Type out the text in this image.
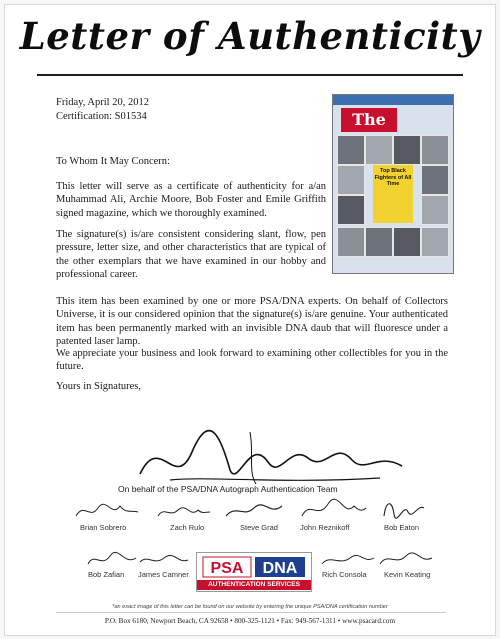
Letter of Authenticity
Friday, April 20, 2012
Certification: S01534	The
Top Black Fighters of All Time
To Whom It May Concern:

This letter will serve as a certificate of authenticity for a/an Muhammad Ali, Archie Moore, Bob Foster and Emile Griffith signed magazine, which we thoroughly examined.

The signature(s) is/are consistent considering slant, flow, pen pressure, letter size, and other characteristics that are typical of the other exemplars that we have examined in our hobby and professional career.

This item has been examined by one or more PSA/DNA experts. On behalf of Collectors Universe, it is our considered opinion that the signature(s) is/are genuine. Your authenticated item has been permanently marked with an invisible DNA daub that will fluoresce under a patented laser lamp.

We appreciate your business and look forward to examining other collectibles for you in the future.

Yours in Signatures,
On behalf of the PSA/DNA Autograph Authentication Team
Brian Sobrero	Zach Rulo	Steve Grad	John Reznikoff	Bob Eaton
Bob Zafian James Camner	Rich Consola Kevin Keating
PSA DNA
AUTHENTICATION SERVICES
*an exact image of this letter can be found on our website by entering the unique PSA/DNA certification number
P.O. Box 6180, Newport Beach, CA 92658 • 800-325-1121 • Fax: 949-567-1311 • www.psacard.com
